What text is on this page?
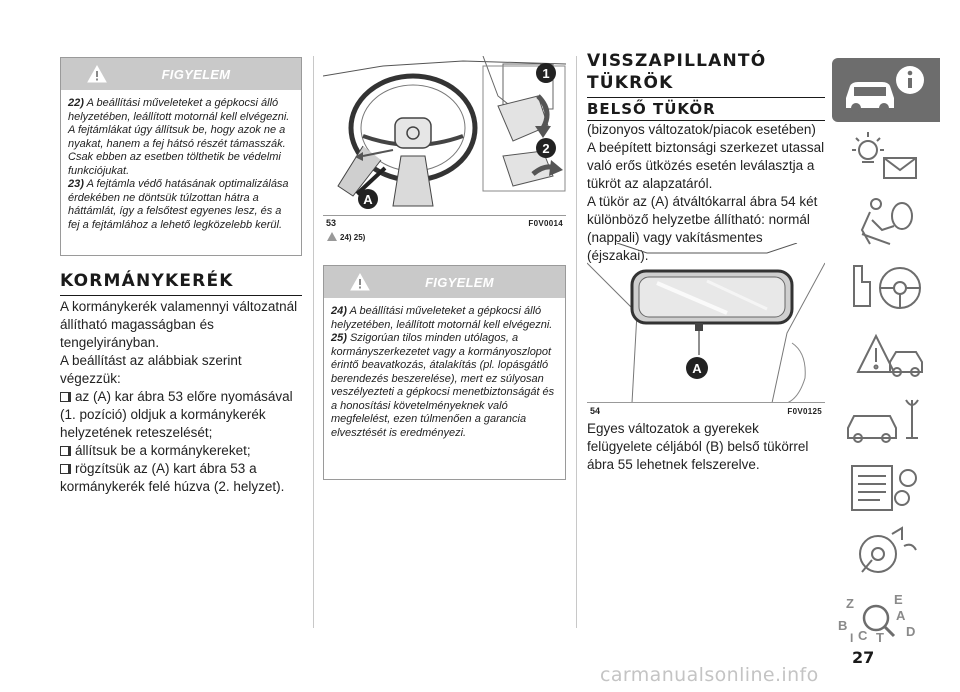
FIGYELEM

22) A beállítási műveleteket a gépkocsi álló helyzetében, leállított motornál kell elvégezni. A fejtámlákat úgy állítsuk be, hogy azok ne a nyakat, hanem a fej hátsó részét támasszák. Csak ebben az esetben tölthetik be védelmi funkciójukat.

23) A fejtámla védő hatásának optimalizálása érdekében ne döntsük túlzottan hátra a háttámlát, így a felsőtest egyenes lesz, és a fej a fejtámlához a lehető legközelebb kerül.

KORMÁNYKERÉK

A kormánykerék valamennyi változatnál állítható magasságban és tengelyirányban.

A beállítást az alábbiak szerint végezzük:

az (A) kar ábra 53 előre nyomásával (1. pozíció) oldjuk a kormánykerék helyzetének reteszelését;

állítsuk be a kormánykereket;

rögzítsük az (A) kart ábra 53 a kormánykerék felé húzva (2. helyzet).

1
2
A
53	F0V0014
24) 25)
FIGYELEM

24) A beállítási műveleteket a gépkocsi álló helyzetében, leállított motornál kell elvégezni.

25) Szigorúan tilos minden utólagos, a kormányszerkezetet vagy a kormányoszlopot érintő beavatkozás, átalakítás (pl. lopásgátló berendezés beszerelése), mert ez súlyosan veszélyezteti a gépkocsi menetbiztonságát és a honosítási követelményeknek való megfelelést, ezen túlmenően a garancia elvesztését is eredményezi.

VISSZAPILLANTÓ
TÜKRÖK
BELSŐ TÜKÖR

(bizonyos változatok/piacok esetében)

A beépített biztonsági szerkezet utassal való erős ütközés esetén leválasztja a tükröt az alapzatáról.

A tükör az (A) átváltókarral ábra 54 két különböző helyzetbe állítható: normál (nappali) vagy vakításmentes (éjszakai).

A
54	F0V0125

Egyes változatok a gyerekek felügyelete céljából (B) belső tükörrel ábra 55 lehetnek felszerelve.

Z	E
B
A
C T D
I
27
carmanualsonline.info
